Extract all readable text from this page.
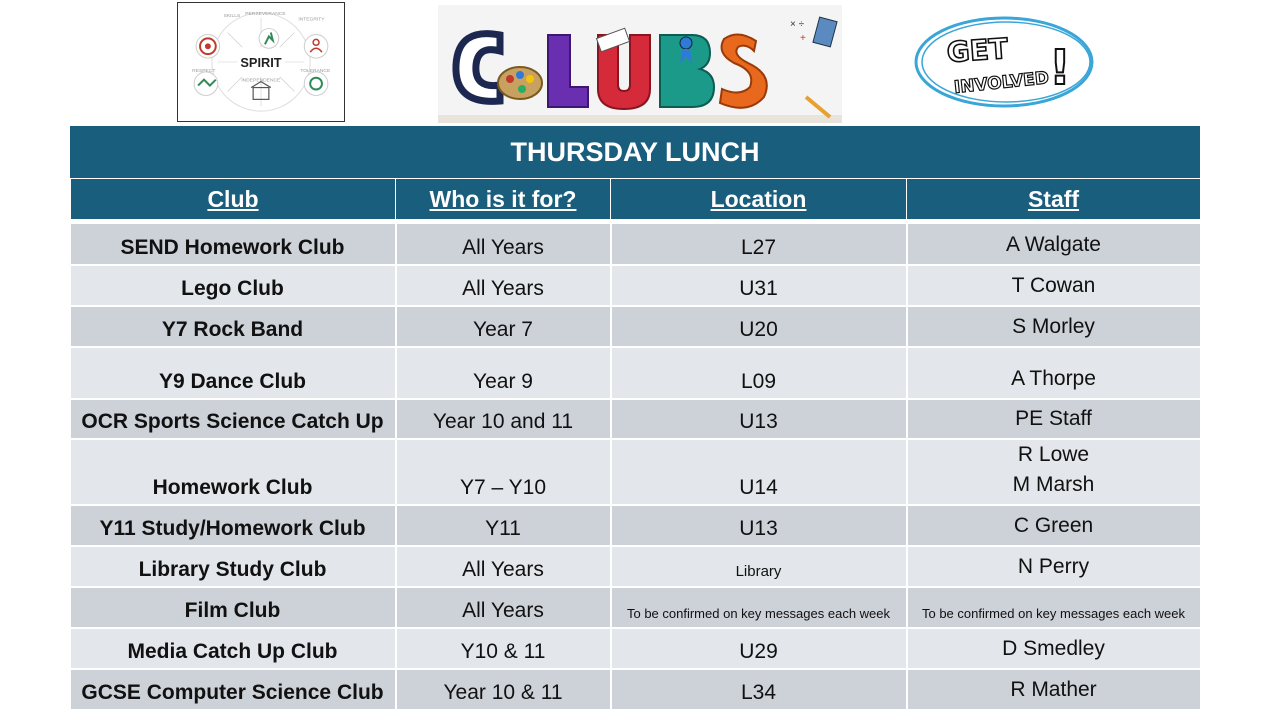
SPIRIT
SKILLS PERSEVERANCE
INTEGRITY
RESPECT	TOLERANCE
INDEPENDENCE
× ÷
+	GET
INVOLVED !
THURSDAY LUNCH
Club	Who is it for?	Location	Staff

SEND Homework Club	All Years	L27	A Walgate

Lego Club	All Years	U31	T Cowan

Y7 Rock Band	Year 7	U20	S Morley

Y9 Dance Club	Year 9	L09	A Thorpe

OCR Sports Science Catch Up	Year 10 and 11	U13	PE Staff

Homework Club	Y7 – Y10	U14	R Lowe
M Marsh

Y11 Study/Homework Club	Y11	U13	C Green

Library Study Club	All Years	Library	N Perry

Film Club	All Years	To be confirmed on key messages each week	To be confirmed on key messages each week
Media Catch Up Club	Y10 & 11	U29	D Smedley

GCSE Computer Science Club	Year 10 & 11	L34	R Mather
